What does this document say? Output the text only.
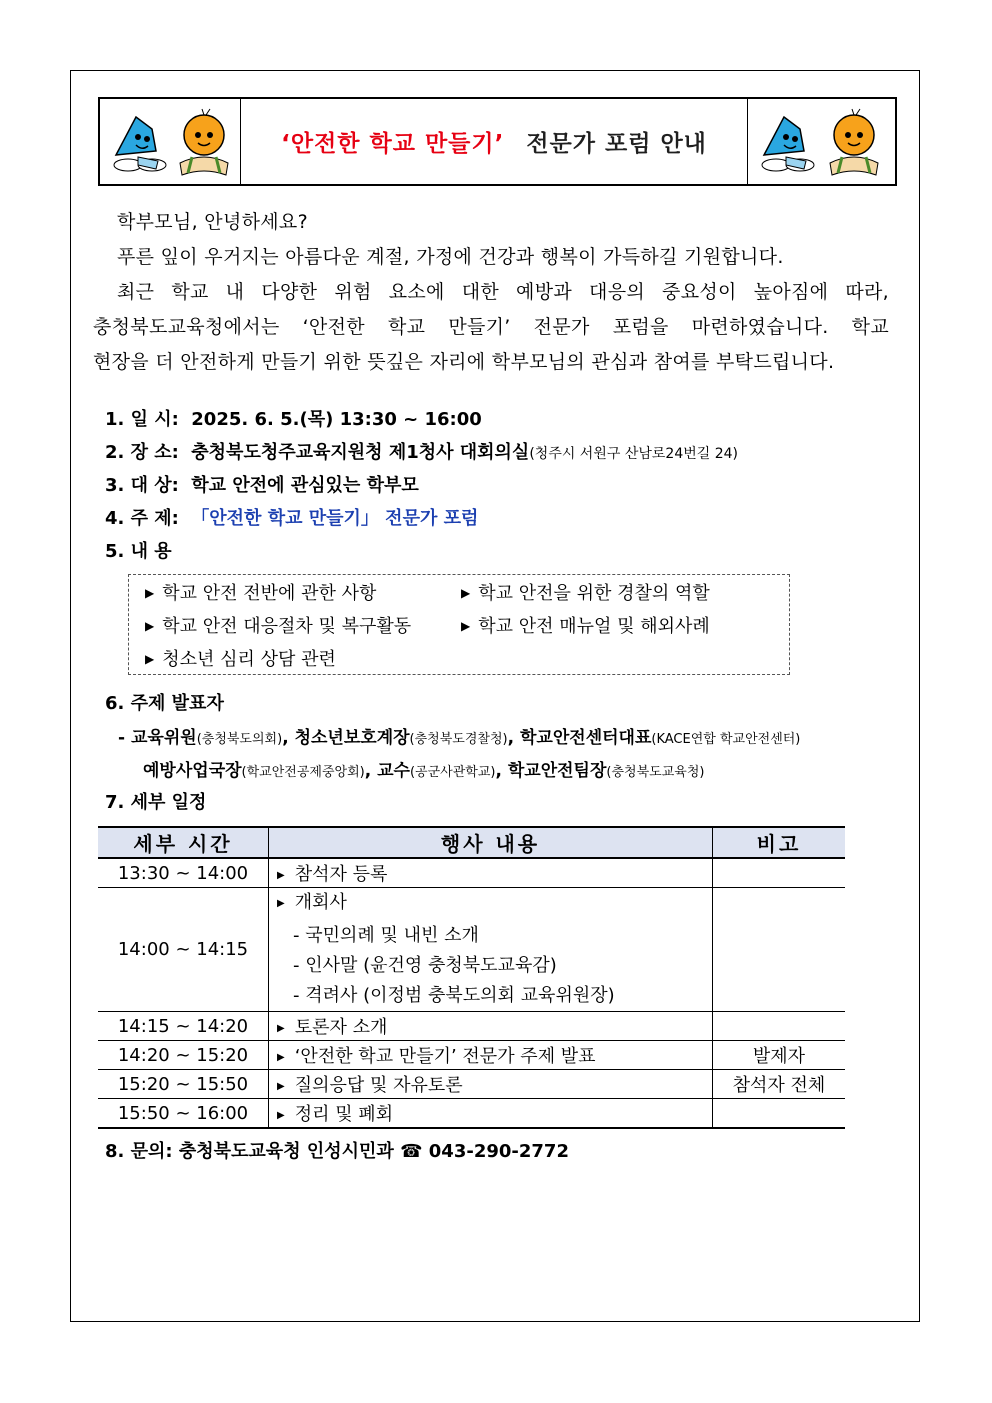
‘안전한 학교 만들기’ 전문가 포럼 안내

학부모님, 안녕하세요?

푸른 잎이 우거지는 아름다운 계절, 가정에 건강과 행복이 가득하길 기원합니다.

최근 학교 내 다양한 위험 요소에 대한 예방과 대응의 중요성이 높아짐에 따라,

충청북도교육청에서는 ‘안전한 학교 만들기’ 전문가 포럼을 마련하였습니다. 학교

현장을 더 안전하게 만들기 위한 뜻깊은 자리에 학부모님의 관심과 참여를 부탁드립니다.

1. 일 시: 2025. 6. 5.(목) 13:30 ~ 16:00
2. 장 소: 충청북도청주교육지원청 제1청사 대회의실(청주시 서원구 산남로24번길 24)
3. 대 상: 학교 안전에 관심있는 학부모
4. 주 제: 「안전한 학교 만들기」 전문가 포럼
5. 내 용
▶ 학교 안전 전반에 관한 사항	▶ 학교 안전을 위한 경찰의 역할
▶ 학교 안전 대응절차 및 복구활동	▶ 학교 안전 매뉴얼 및 해외사례
▶ 청소년 심리 상담 관련
6. 주제 발표자
- 교육위원(충청북도의회), 청소년보호계장(충청북도경찰청), 학교안전센터대표(KACE연합 학교안전센터)
예방사업국장(학교안전공제중앙회), 교수(공군사관학교), 학교안전팀장(충청북도교육청)
7. 세부 일정
세부 시간	행사 내용	비고
13:30 ~ 14:00	▶ 참석자 등록	
14:00 ~ 14:15	▶ 개회사
- 국민의례 및 내빈 소개
- 인사말 (윤건영 충청북도교육감)
- 격려사 (이정범 충북도의회 교육위원장)	

14:15 ~ 14:20	▶ 토론자 소개	
14:20 ~ 15:20	▶ ‘안전한 학교 만들기’ 전문가 주제 발표	발제자
15:20 ~ 15:50	▶ 질의응답 및 자유토론	참석자 전체
15:50 ~ 16:00	▶ 정리 및 폐회	
8. 문의: 충청북도교육청 인성시민과 ☎ 043-290-2772
